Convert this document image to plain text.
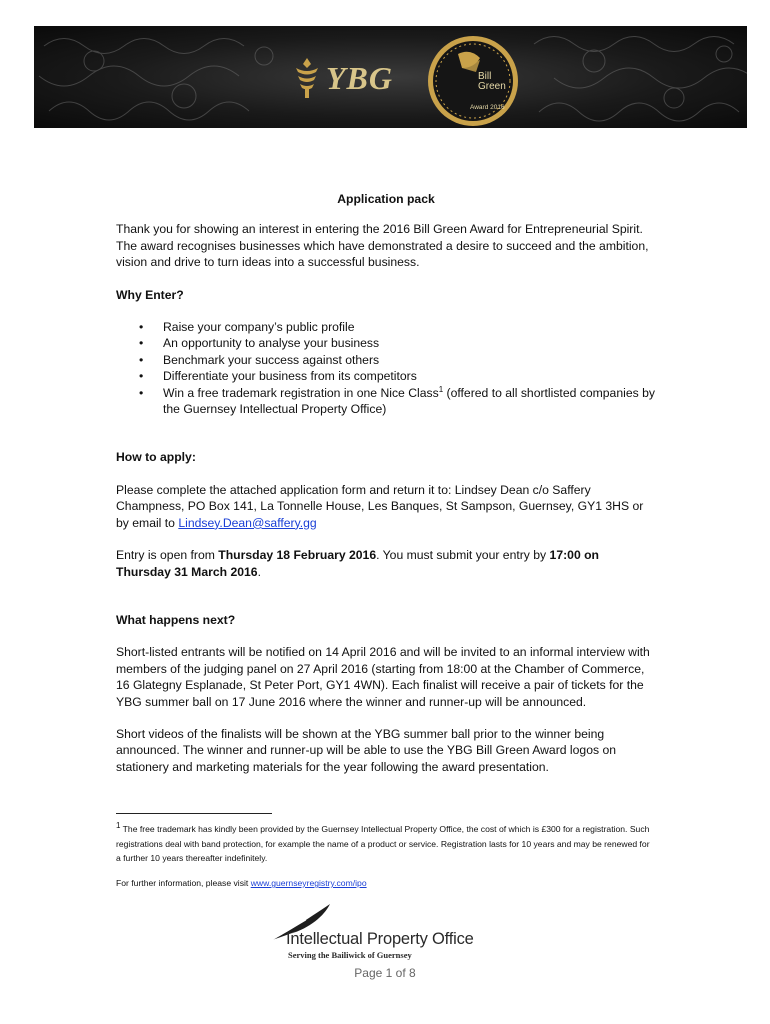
YBG	Bill
Green
Award 2016

Application pack

Thank you for showing an interest in entering the 2016 Bill Green Award for Entrepreneurial Spirit. The award recognises businesses which have demonstrated a desire to succeed and the ambition, vision and drive to turn ideas into a successful business.

Why Enter?

• Raise your company’s public profile
• An opportunity to analyse your business
• Benchmark your success against others
• Differentiate your business from its competitors
• Win a free trademark registration in one Nice Class$^1$ (offered to all shortlisted companies by the Guernsey Intellectual Property Office)

How to apply:

Please complete the attached application form and return it to: Lindsey Dean c/o Saffery Champness, PO Box 141, La Tonnelle House, Les Banques, St Sampson, Guernsey, GY1 3HS or by email to Lindsey.Dean@saffery.gg

Entry is open from Thursday 18 February 2016. You must submit your entry by 17:00 on Thursday 31 March 2016.

What happens next?

Short-listed entrants will be notified on 14 April 2016 and will be invited to an informal interview with members of the judging panel on 27 April 2016 (starting from 18:00 at the Chamber of Commerce, 16 Glategny Esplanade, St Peter Port, GY1 4WN). Each finalist will receive a pair of tickets for the YBG summer ball on 17 June 2016 where the winner and runner-up will be announced.

Short videos of the finalists will be shown at the YBG summer ball prior to the winner being announced. The winner and runner-up will be able to use the YBG Bill Green Award logos on stationery and marketing materials for the year following the award presentation.

$^1$ The free trademark has kindly been provided by the Guernsey Intellectual Property Office, the cost of which is £300 for a registration. Such registrations deal with band protection, for example the name of a product or service. Registration lasts for 10 years and may be renewed for a further 10 years thereafter indefinitely.
For further information, please visit www.guernseyregistry.com/ipo
Intellectual Property Office
Serving the Bailiwick of Guernsey
Page 1 of 8
